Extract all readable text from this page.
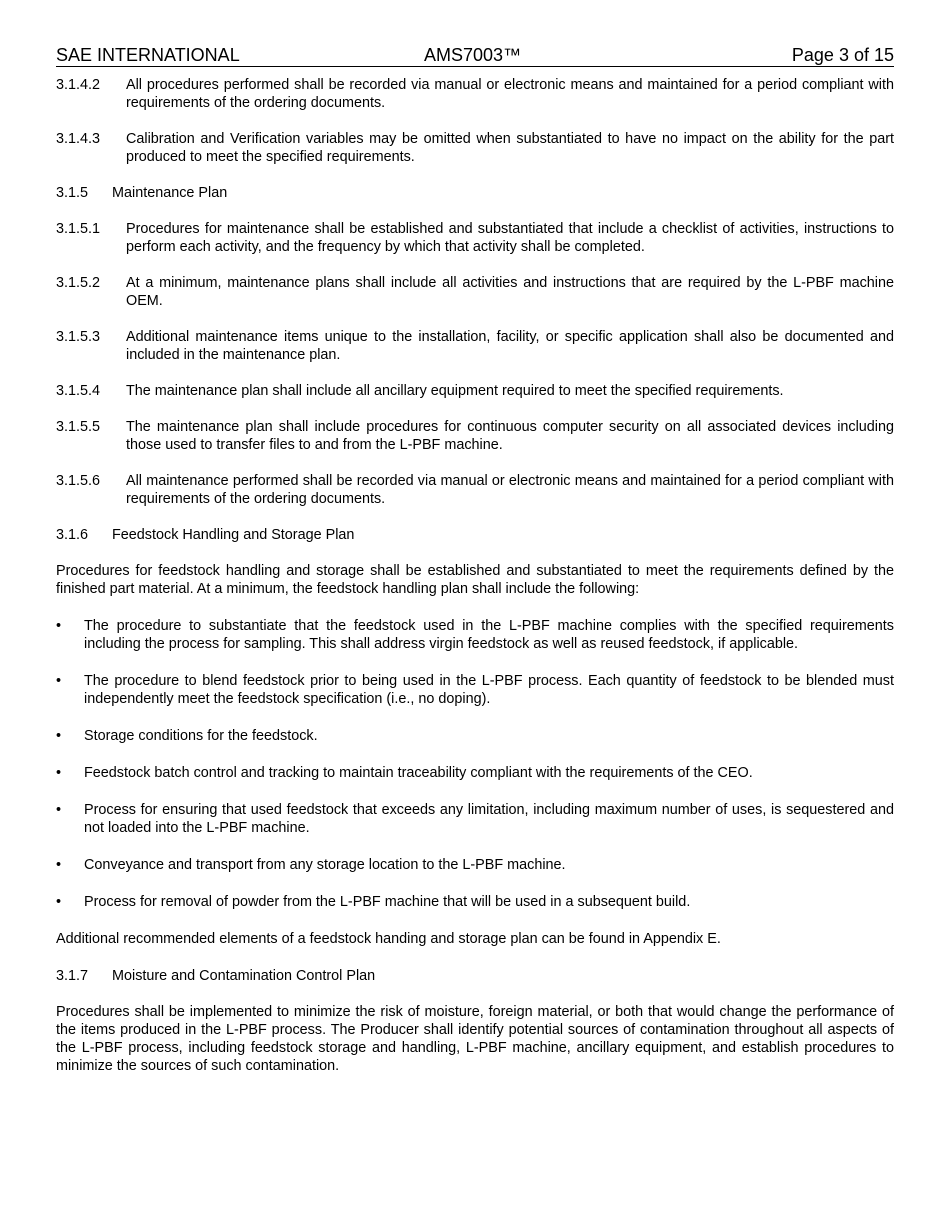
SAE INTERNATIONAL	AMS7003™	Page 3 of 15
3.1.4.2	All procedures performed shall be recorded via manual or electronic means and maintained for a period compliant with requirements of the ordering documents.
3.1.4.3	Calibration and Verification variables may be omitted when substantiated to have no impact on the ability for the part produced to meet the specified requirements.
3.1.5	Maintenance Plan
3.1.5.1	Procedures for maintenance shall be established and substantiated that include a checklist of activities, instructions to perform each activity, and the frequency by which that activity shall be completed.
3.1.5.2	At a minimum, maintenance plans shall include all activities and instructions that are required by the L-PBF machine OEM.
3.1.5.3	Additional maintenance items unique to the installation, facility, or specific application shall also be documented and included in the maintenance plan.
3.1.5.4	The maintenance plan shall include all ancillary equipment required to meet the specified requirements.
3.1.5.5	The maintenance plan shall include procedures for continuous computer security on all associated devices including those used to transfer files to and from the L-PBF machine.
3.1.5.6	All maintenance performed shall be recorded via manual or electronic means and maintained for a period compliant with requirements of the ordering documents.
3.1.6	Feedstock Handling and Storage Plan
Procedures for feedstock handling and storage shall be established and substantiated to meet the requirements defined by the finished part material. At a minimum, the feedstock handling plan shall include the following:
•	The procedure to substantiate that the feedstock used in the L-PBF machine complies with the specified requirements including the process for sampling. This shall address virgin feedstock as well as reused feedstock, if applicable.
•	The procedure to blend feedstock prior to being used in the L-PBF process. Each quantity of feedstock to be blended must independently meet the feedstock specification (i.e., no doping).
•	Storage conditions for the feedstock.
•	Feedstock batch control and tracking to maintain traceability compliant with the requirements of the CEO.
•	Process for ensuring that used feedstock that exceeds any limitation, including maximum number of uses, is sequestered and not loaded into the L-PBF machine.
•	Conveyance and transport from any storage location to the L-PBF machine.
•	Process for removal of powder from the L-PBF machine that will be used in a subsequent build.
Additional recommended elements of a feedstock handing and storage plan can be found in Appendix E.
3.1.7	Moisture and Contamination Control Plan
Procedures shall be implemented to minimize the risk of moisture, foreign material, or both that would change the performance of the items produced in the L-PBF process. The Producer shall identify potential sources of contamination throughout all aspects of the L-PBF process, including feedstock storage and handling, L-PBF machine, ancillary equipment, and establish procedures to minimize the sources of such contamination.
